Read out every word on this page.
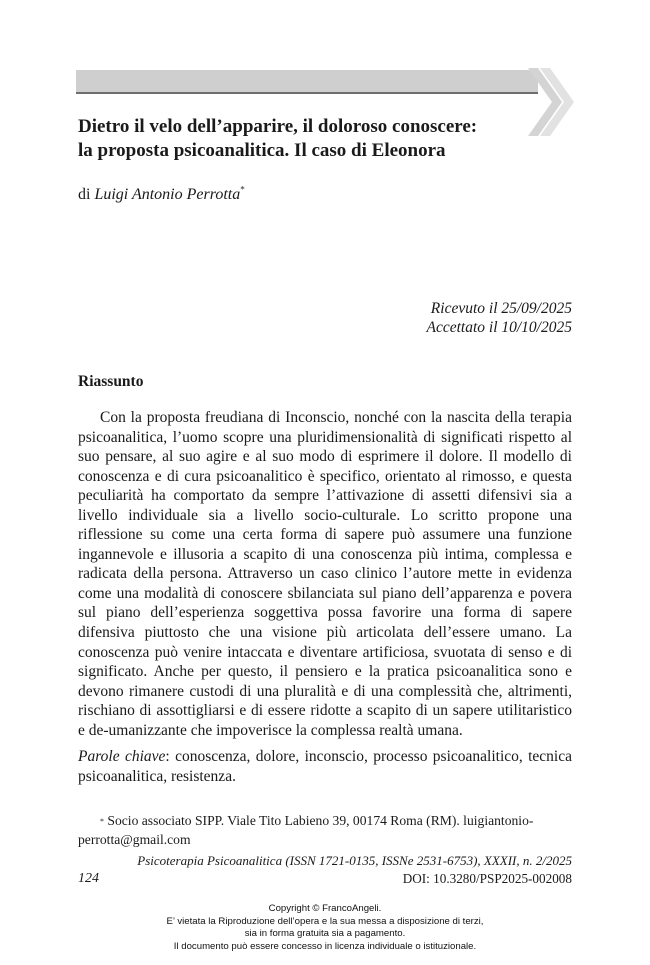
Dietro il velo dell’apparire, il doloroso conoscere:
la proposta psicoanalitica. Il caso di Eleonora
di Luigi Antonio Perrotta*
Ricevuto il 25/09/2025
Accettato il 10/10/2025
Riassunto

Con la proposta freudiana di Inconscio, nonché con la nascita della terapia psicoanalitica, l’uomo scopre una pluridimensionalità di significati rispetto al suo pensare, al suo agire e al suo modo di esprimere il dolore. Il modello di conoscenza e di cura psicoanalitico è specifico, orientato al rimosso, e questa peculiarità ha comportato da sempre l’attivazione di assetti difensivi sia a livello individuale sia a livello socio-culturale. Lo scritto propone una riflessione su come una certa forma di sapere può assumere una funzione ingannevole e illusoria a scapito di una conoscenza più intima, complessa e radicata della persona. Attraverso un caso clinico l’autore mette in evidenza come una modalità di conoscere sbilanciata sul piano dell’apparenza e povera sul piano dell’esperienza soggettiva possa favorire una forma di sapere difensiva piuttosto che una visione più articolata dell’essere umano. La conoscenza può venire intaccata e diventare artificiosa, svuotata di senso e di significato. Anche per questo, il pensiero e la pratica psicoanalitica sono e devono rimanere custodi di una pluralità e di una complessità che, altrimenti, rischiano di assottigliarsi e di essere ridotte a scapito di un sapere utilitaristico e de-umanizzante che impoverisce la complessa realtà umana.

Parole chiave: conoscenza, dolore, inconscio, processo psicoanalitico, tecnica psicoanalitica, resistenza.

* Socio associato SIPP. Viale Tito Labieno 39, 00174 Roma (RM). luigiantonio-perrotta@gmail.com

Psicoterapia Psicoanalitica (ISSN 1721-0135, ISSNe 2531-6753), XXXII, n. 2/2025
124	DOI: 10.3280/PSP2025-002008
Copyright © FrancoAngeli.
E’ vietata la Riproduzione dell’opera e la sua messa a disposizione di terzi,
sia in forma gratuita sia a pagamento.
Il documento può essere concesso in licenza individuale o istituzionale.
